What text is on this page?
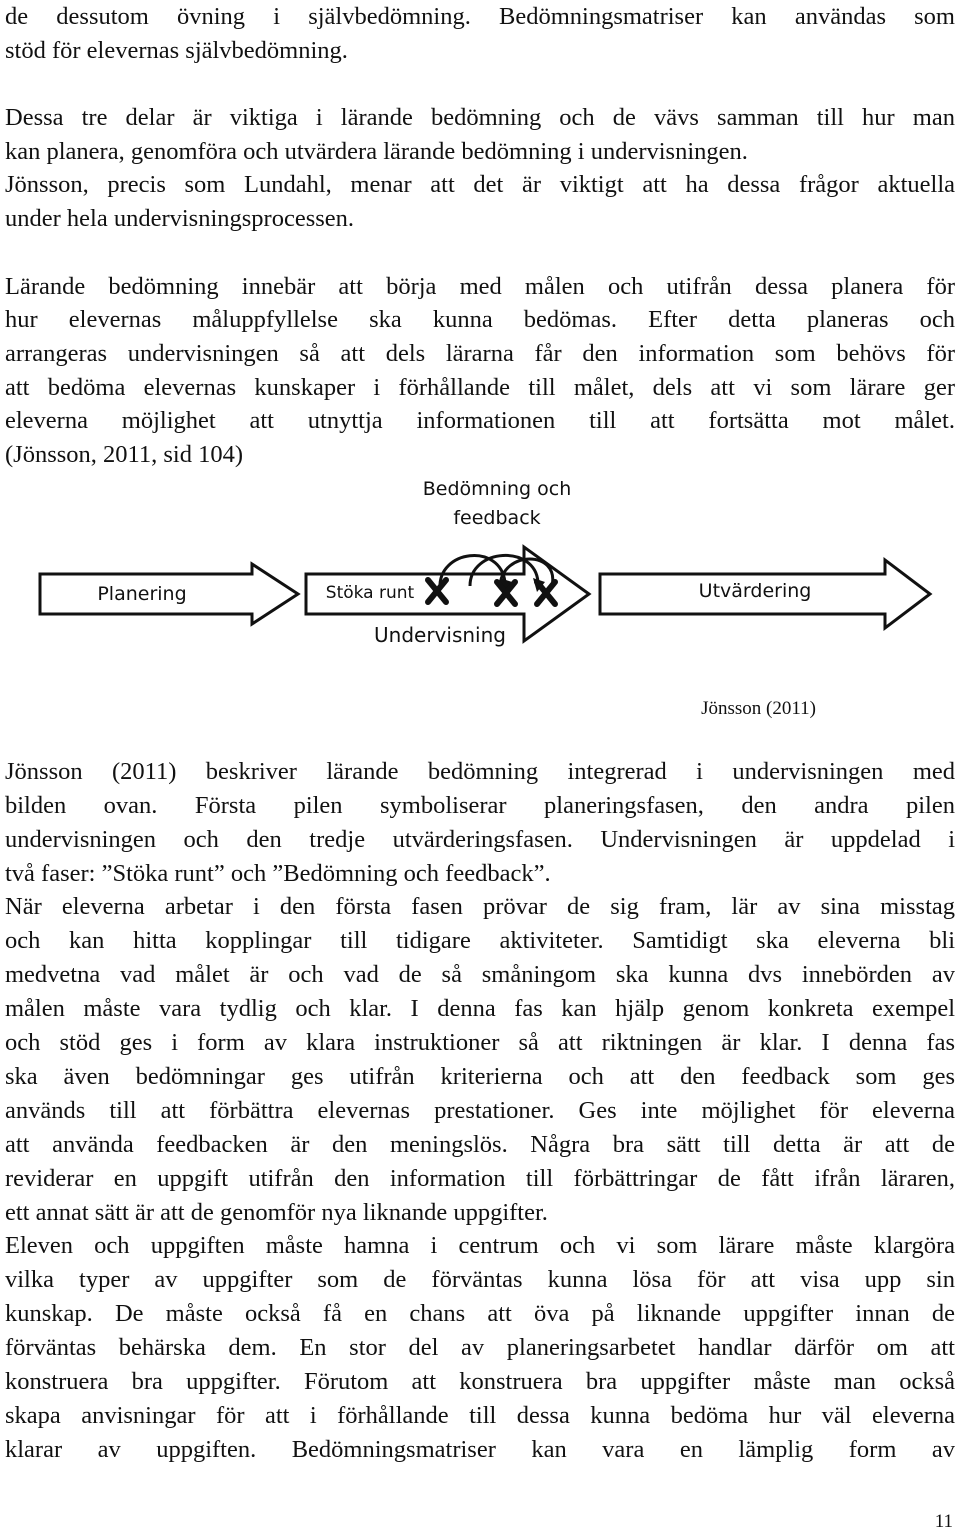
de dessutom övning i självbedömning. Bedömningsmatriser kan användas som
stöd för elevernas självbedömning.
Dessa tre delar är viktiga i lärande bedömning och de vävs samman till hur man
kan planera, genomföra och utvärdera lärande bedömning i undervisningen.
Jönsson, precis som Lundahl, menar att det är viktigt att ha dessa frågor aktuella
under hela undervisningsprocessen.
Lärande bedömning innebär att börja med målen och utifrån dessa planera för
hur elevernas måluppfyllelse ska kunna bedömas. Efter detta planeras och
arrangeras undervisningen så att dels lärarna får den information som behövs för
att bedöma elevernas kunskaper i förhållande till målet, dels att vi som lärare ger
eleverna möjlighet att utnyttja informationen till att fortsätta mot målet.
(Jönsson, 2011, sid 104)
Bedömning och
feedback
Planering	Stöka runt	Utvärdering
Undervisning
Jönsson (2011)
Jönsson (2011) beskriver lärande bedömning integrerad i undervisningen med
bilden ovan. Första pilen symboliserar planeringsfasen, den andra pilen
undervisningen och den tredje utvärderingsfasen. Undervisningen är uppdelad i
två faser: ”Stöka runt” och ”Bedömning och feedback”.
När eleverna arbetar i den första fasen prövar de sig fram, lär av sina misstag
och kan hitta kopplingar till tidigare aktiviteter. Samtidigt ska eleverna bli
medvetna vad målet är och vad de så småningom ska kunna dvs innebörden av
målen måste vara tydlig och klar. I denna fas kan hjälp genom konkreta exempel
och stöd ges i form av klara instruktioner så att riktningen är klar. I denna fas
ska även bedömningar ges utifrån kriterierna och att den feedback som ges
används till att förbättra elevernas prestationer. Ges inte möjlighet för eleverna
att använda feedbacken är den meningslös. Några bra sätt till detta är att de
reviderar en uppgift utifrån den information till förbättringar de fått ifrån läraren,
ett annat sätt är att de genomför nya liknande uppgifter.
Eleven och uppgiften måste hamna i centrum och vi som lärare måste klargöra
vilka typer av uppgifter som de förväntas kunna lösa för att visa upp sin
kunskap. De måste också få en chans att öva på liknande uppgifter innan de
förväntas behärska dem. En stor del av planeringsarbetet handlar därför om att
konstruera bra uppgifter. Förutom att konstruera bra uppgifter måste man också
skapa anvisningar för att i förhållande till dessa kunna bedöma hur väl eleverna
klarar av uppgiften. Bedömningsmatriser kan vara en lämplig form av
11
